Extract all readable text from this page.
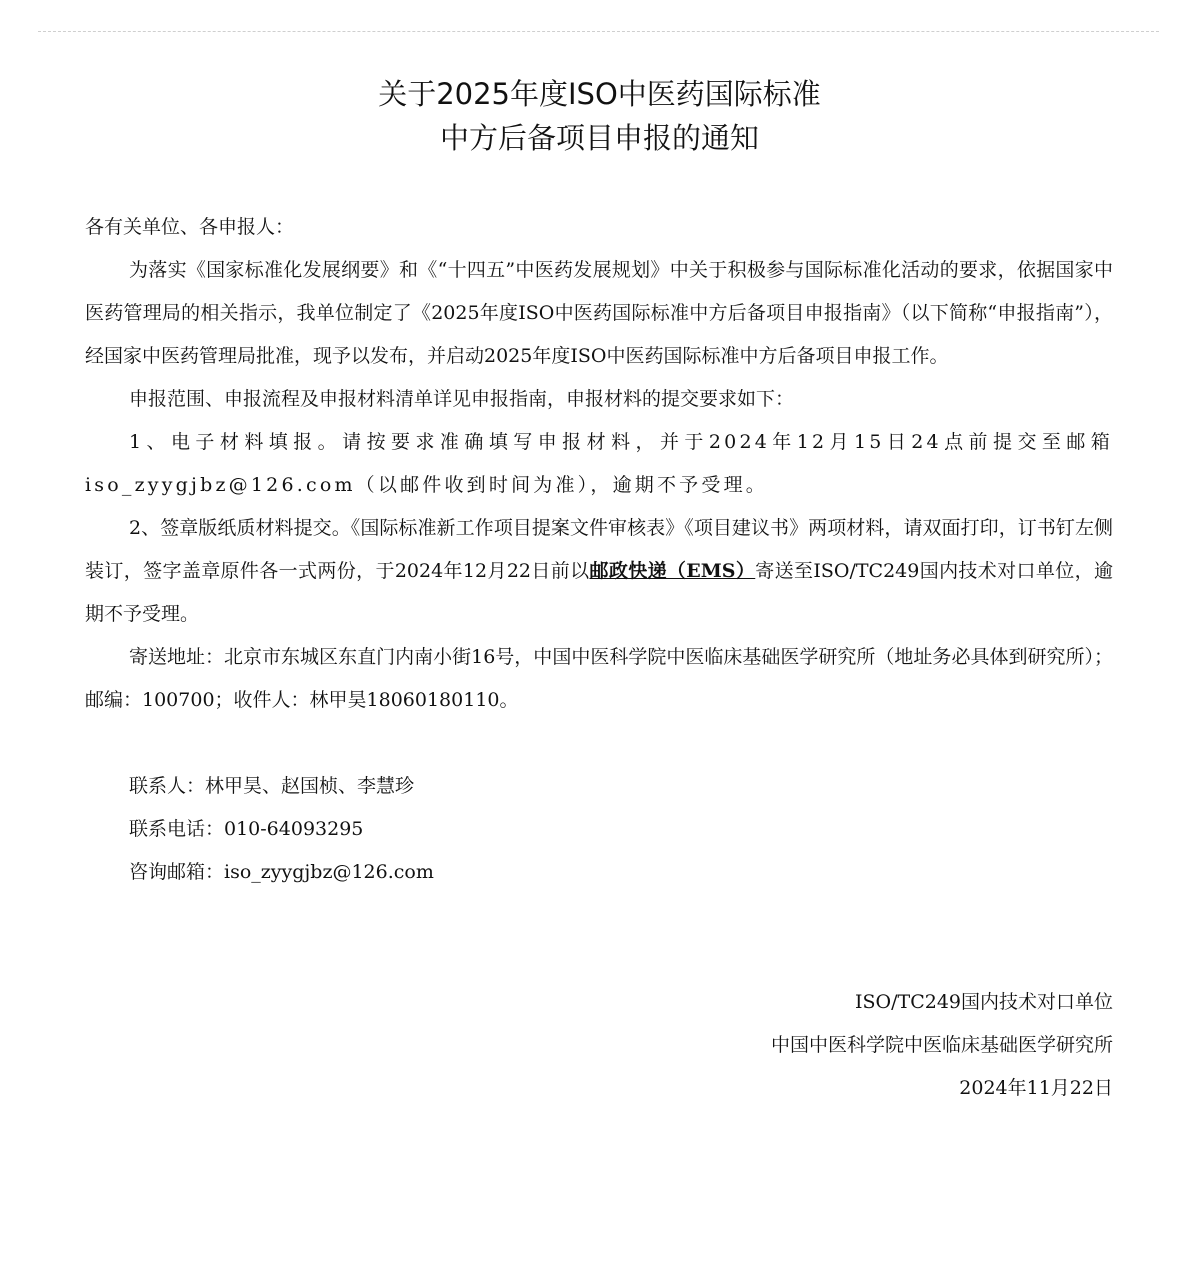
关于2025年度ISO中医药国际标准
中方后备项目申报的通知

各有关单位、各申报人：

为落实《国家标准化发展纲要》和《“十四五”中医药发展规划》中关于积极参与国际标准化活动的要求，依据国家中医药管理局的相关指示，我单位制定了《2025年度ISO中医药国际标准中方后备项目申报指南》（以下简称“申报指南”），经国家中医药管理局批准，现予以发布，并启动2025年度ISO中医药国际标准中方后备项目申报工作。

申报范围、申报流程及申报材料清单详见申报指南，申报材料的提交要求如下：

1、电子材料填报。请按要求准确填写申报材料，并于2024年12月15日24点前提交至邮箱iso_zyygjbz@126.com（以邮件收到时间为准），逾期不予受理。

2、签章版纸质材料提交。《国际标准新工作项目提案文件审核表》《项目建议书》两项材料，请双面打印，订书钉左侧装订，签字盖章原件各一式两份，于2024年12月22日前以邮政快递（EMS）寄送至ISO/TC249国内技术对口单位，逾期不予受理。

寄送地址：北京市东城区东直门内南小街16号，中国中医科学院中医临床基础医学研究所（地址务必具体到研究所）；邮编：100700；收件人：林甲昊18060180110。

联系人：林甲昊、赵国桢、李慧珍

联系电话：010-64093295

咨询邮箱：iso_zyygjbz@126.com

ISO/TC249国内技术对口单位
中国中医科学院中医临床基础医学研究所
2024年11月22日
